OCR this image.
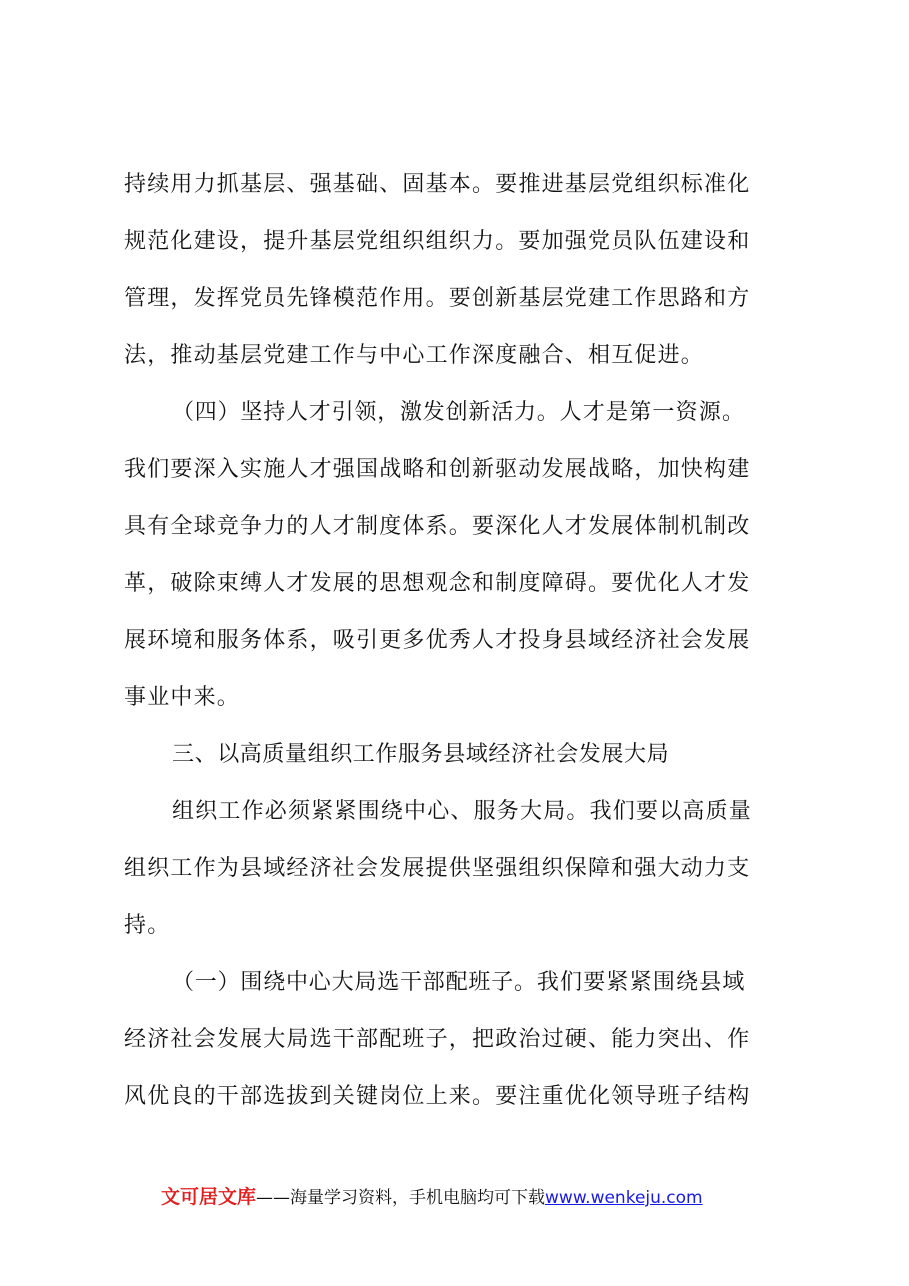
持续用力抓基层、强基础、固基本。要推进基层党组织标准化
规范化建设，提升基层党组织组织力。要加强党员队伍建设和
管理，发挥党员先锋模范作用。要创新基层党建工作思路和方
法，推动基层党建工作与中心工作深度融合、相互促进。
（四）坚持人才引领，激发创新活力。人才是第一资源。
我们要深入实施人才强国战略和创新驱动发展战略，加快构建
具有全球竞争力的人才制度体系。要深化人才发展体制机制改
革，破除束缚人才发展的思想观念和制度障碍。要优化人才发
展环境和服务体系，吸引更多优秀人才投身县域经济社会发展
事业中来。
三、以高质量组织工作服务县域经济社会发展大局
组织工作必须紧紧围绕中心、服务大局。我们要以高质量
组织工作为县域经济社会发展提供坚强组织保障和强大动力支
持。
（一）围绕中心大局选干部配班子。我们要紧紧围绕县域
经济社会发展大局选干部配班子，把政治过硬、能力突出、作
风优良的干部选拔到关键岗位上来。要注重优化领导班子结构
文可居文库——海量学习资料，手机电脑均可下载www.wenkeju.com
